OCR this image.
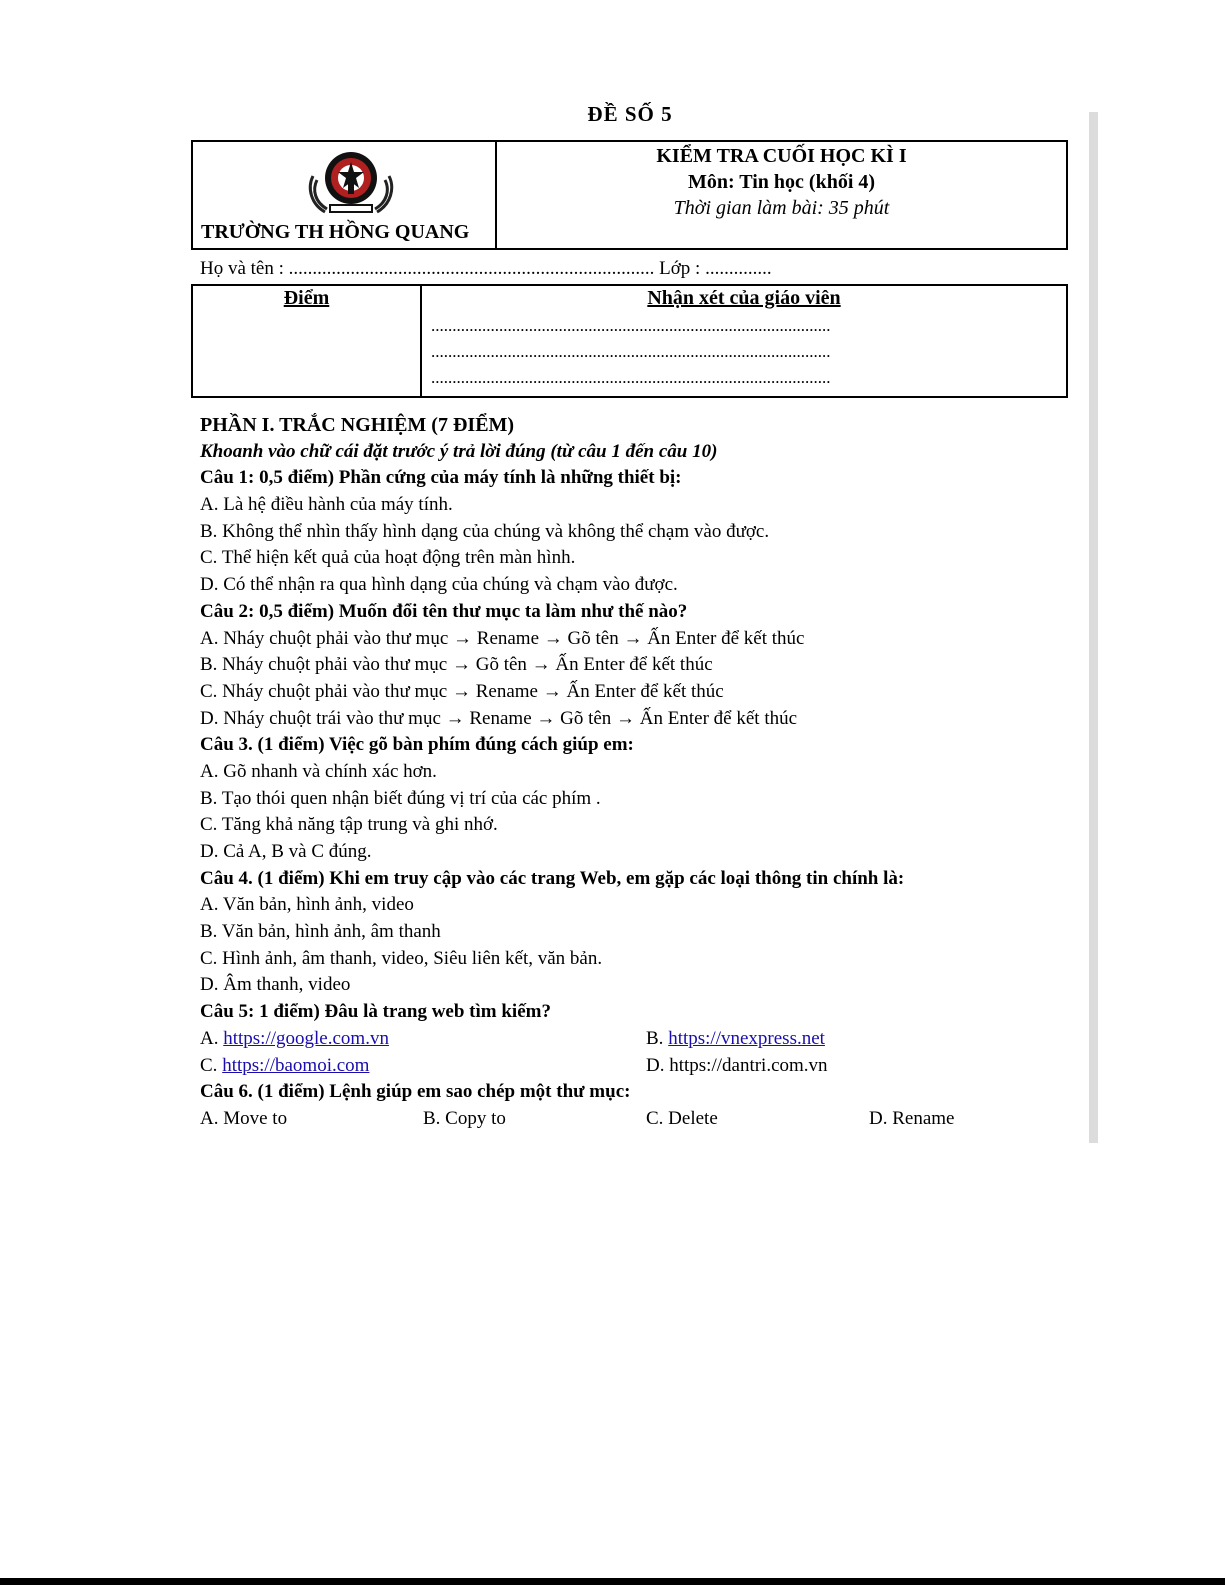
ĐỀ SỐ 5
TRƯỜNG TH HỒNG QUANG
KIỂM TRA CUỐI HỌC KÌ I
Môn: Tin học (khối 4)
Thời gian làm bài: 35 phút
Họ và tên : ............................................................................. Lớp : ..............
Điểm	Nhận xét của giáo viên
..............................................................................................
..............................................................................................
..............................................................................................
PHẦN I. TRẮC NGHIỆM (7 ĐIỂM)
Khoanh vào chữ cái đặt trước ý trả lời đúng (từ câu 1 đến câu 10)
Câu 1: 0,5 điểm) Phần cứng của máy tính là những thiết bị:
A. Là hệ điều hành của máy tính.
B. Không thể nhìn thấy hình dạng của chúng và không thể chạm vào được.
C. Thể hiện kết quả của hoạt động trên màn hình.
D. Có thể nhận ra qua hình dạng của chúng và chạm vào được.
Câu 2: 0,5 điểm) Muốn đổi tên thư mục ta làm như thế nào?
A. Nháy chuột phải vào thư mục → Rename → Gõ tên → Ấn Enter để kết thúc
B. Nháy chuột phải vào thư mục → Gõ tên → Ấn Enter để kết thúc
C. Nháy chuột phải vào thư mục → Rename → Ấn Enter để kết thúc
D. Nháy chuột trái vào thư mục → Rename → Gõ tên → Ấn Enter để kết thúc
Câu 3. (1 điểm) Việc gõ bàn phím đúng cách giúp em:
A. Gõ nhanh và chính xác hơn.
B. Tạo thói quen nhận biết đúng vị trí của các phím .
C. Tăng khả năng tập trung và ghi nhớ.
D. Cả A, B và C đúng.
Câu 4. (1 điểm) Khi em truy cập vào các trang Web, em gặp các loại thông tin chính là:
A. Văn bản, hình ảnh, video
B. Văn bản, hình ảnh, âm thanh
C. Hình ảnh, âm thanh, video, Siêu liên kết, văn bản.
D. Âm thanh, video
Câu 5: 1 điểm) Đâu là trang web tìm kiếm?
A. https://google.com.vn	B. https://vnexpress.net
C. https://baomoi.com	D. https://dantri.com.vn
Câu 6. (1 điểm) Lệnh giúp em sao chép một thư mục:
A. Move to	B. Copy to	C. Delete	D. Rename
